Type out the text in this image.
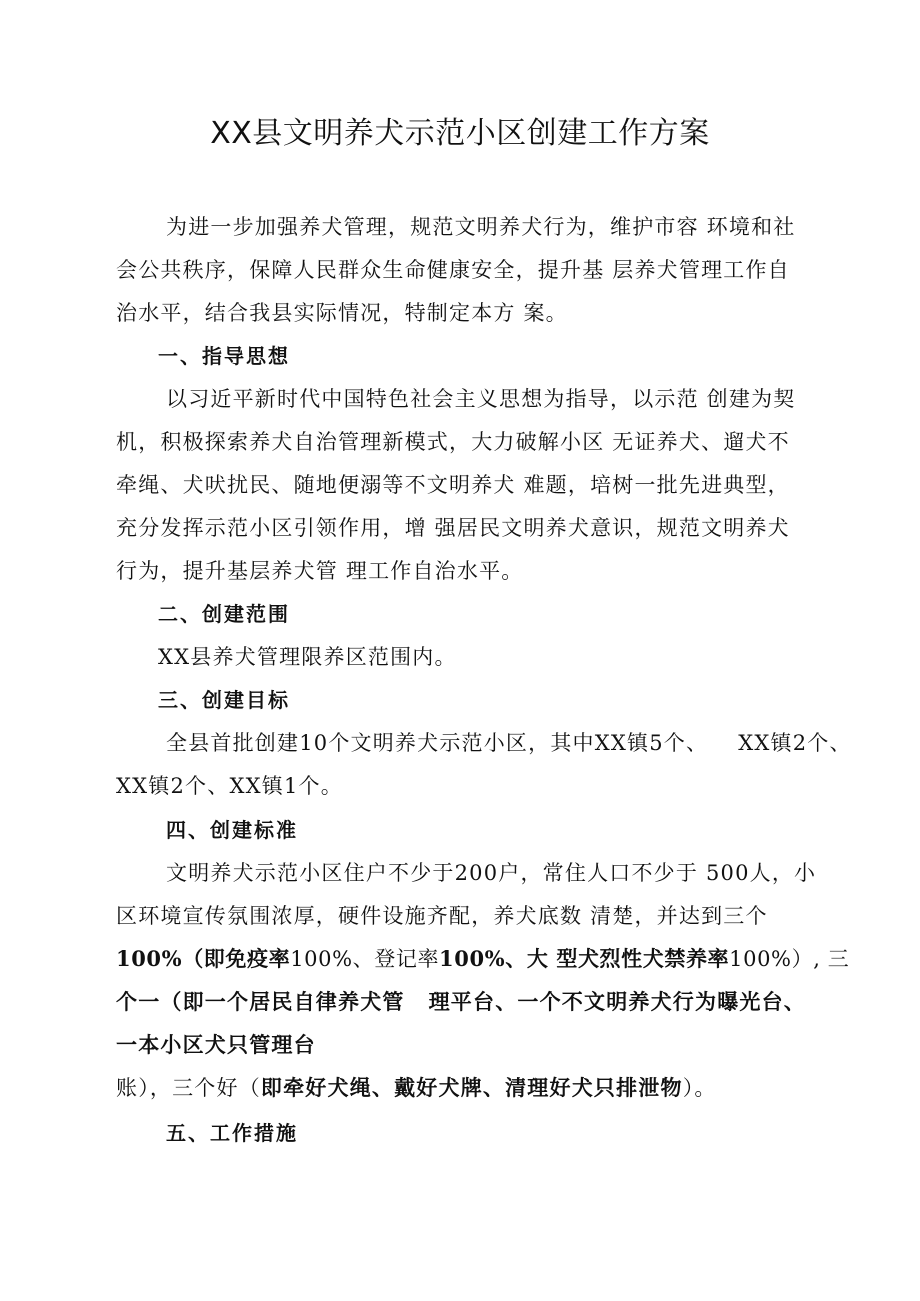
XX县文明养犬示范小区创建工作方案
为进一步加强养犬管理，规范文明养犬行为，维护市容 环境和社
会公共秩序，保障人民群众生命健康安全，提升基 层养犬管理工作自
治水平，结合我县实际情况，特制定本方 案。
一、指导思想
以习近平新时代中国特色社会主义思想为指导，以示范 创建为契
机，积极探索养犬自治管理新模式，大力破解小区 无证养犬、遛犬不
牵绳、犬吠扰民、随地便溺等不文明养犬 难题，培树一批先进典型，
充分发挥示范小区引领作用，增 强居民文明养犬意识，规范文明养犬
行为，提升基层养犬管 理工作自治水平。
二、创建范围
XX县养犬管理限养区范围内。
三、创建目标
全县首批创建10个文明养犬示范小区，其中XX镇5个、 XX镇2个、
XX镇2个、XX镇1个。
四、创建标准
文明养犬示范小区住户不少于200户，常住人口不少于 500人，小
区环境宣传氛围浓厚，硬件设施齐配，养犬底数 清楚，并达到三个
100%（即免疫率100%、登记率100%、大 型犬烈性犬禁养率100%）, 三
个一（即一个居民自律养犬管 理平台、一个不文明养犬行为曝光台、
一本小区犬只管理台
账），三个好（即牵好犬绳、戴好犬牌、清理好犬只排泄物）。
五、工作措施
